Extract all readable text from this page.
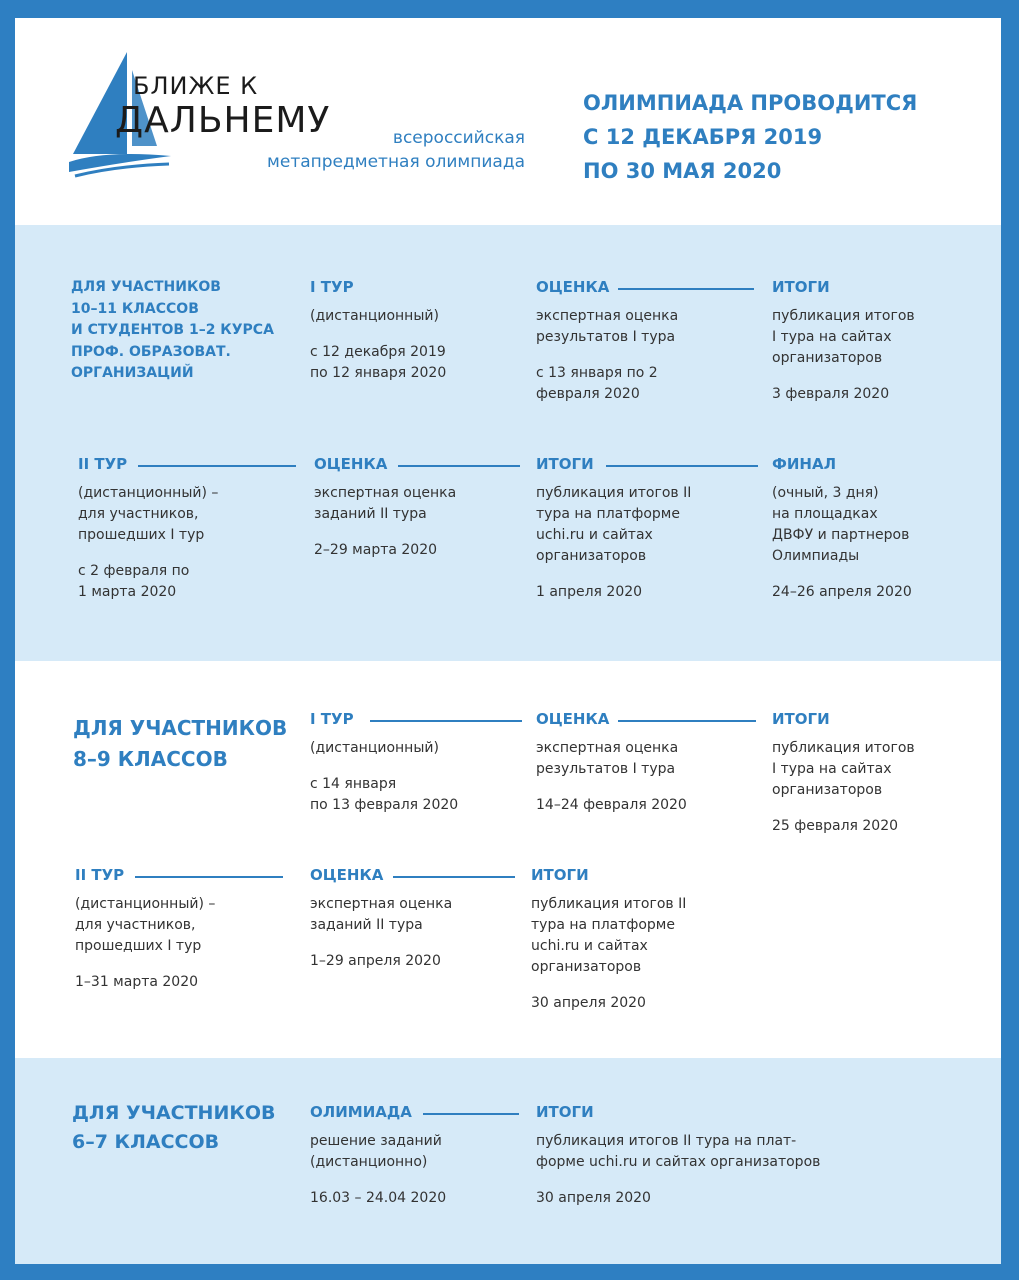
БЛИЖЕ К
ДАЛЬНЕМУ	всероссийская
метапредметная олимпиада
ОЛИМПИАДА ПРОВОДИТСЯ
С 12 ДЕКАБРЯ 2019
ПО 30 МАЯ 2020
ДЛЯ УЧАСТНИКОВ
10–11 КЛАССОВ
И СТУДЕНТОВ 1–2 КУРСА
ПРОФ. ОБРАЗОВАТ.
ОРГАНИЗАЦИЙ
I ТУР
(дистанционный)
с 12 декабря 2019
по 12 января 2020
ОЦЕНКА
экспертная оценка
результатов I тура
с 13 января по 2
февраля 2020
ИТОГИ
публикация итогов
I тура на сайтах
организаторов
3 февраля 2020
II ТУР
(дистанционный) –
для участников,
прошедших I тур
с 2 февраля по
1 марта 2020
ОЦЕНКА
экспертная оценка
заданий II тура
2–29 марта 2020
ИТОГИ
публикация итогов II
тура на платформе
uchi.ru и сайтах
организаторов
1 апреля 2020
ФИНАЛ
(очный, 3 дня)
на площадках
ДВФУ и партнеров
Олимпиады
24–26 апреля 2020
ДЛЯ УЧАСТНИКОВ
8–9 КЛАССОВ
I ТУР
(дистанционный)
с 14 января
по 13 февраля 2020
ОЦЕНКА
экспертная оценка
результатов I тура
14–24 февраля 2020
ИТОГИ
публикация итогов
I тура на сайтах
организаторов
25 февраля 2020
II ТУР
(дистанционный) –
для участников,
прошедших I тур
1–31 марта 2020
ОЦЕНКА
экспертная оценка
заданий II тура
1–29 апреля 2020
ИТОГИ
публикация итогов II
тура на платформе
uchi.ru и сайтах
организаторов
30 апреля 2020
ДЛЯ УЧАСТНИКОВ
6–7 КЛАССОВ
ОЛИМИАДА
решение заданий
(дистанционно)
16.03 – 24.04 2020
ИТОГИ
публикация итогов II тура на плат-
форме uchi.ru и сайтах организаторов
30 апреля 2020
